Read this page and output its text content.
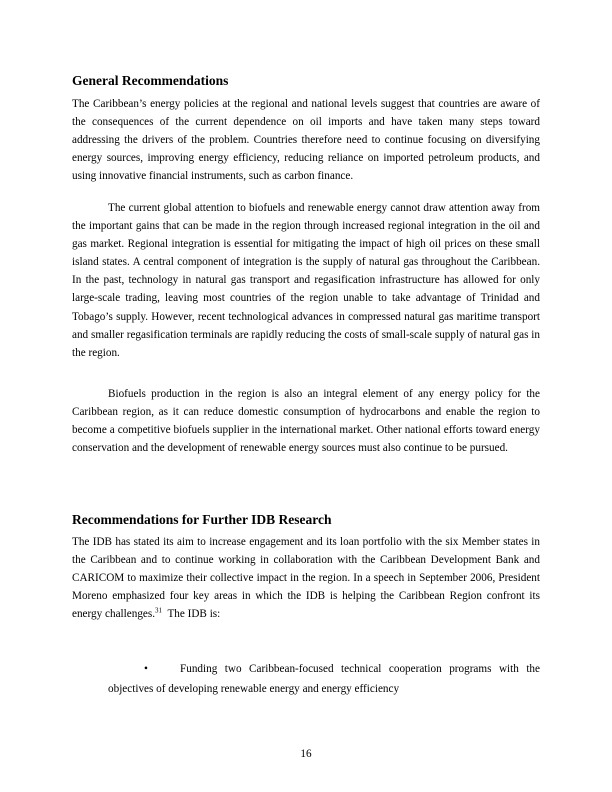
General Recommendations

The Caribbean’s energy policies at the regional and national levels suggest that countries are aware of the consequences of the current dependence on oil imports and have taken many steps toward addressing the drivers of the problem. Countries therefore need to continue focusing on diversifying energy sources, improving energy efficiency, reducing reliance on imported petroleum products, and using innovative financial instruments, such as carbon finance.

The current global attention to biofuels and renewable energy cannot draw attention away from the important gains that can be made in the region through increased regional integration in the oil and gas market. Regional integration is essential for mitigating the impact of high oil prices on these small island states. A central component of integration is the supply of natural gas throughout the Caribbean. In the past, technology in natural gas transport and regasification infrastructure has allowed for only large-scale trading, leaving most countries of the region unable to take advantage of Trinidad and Tobago’s supply. However, recent technological advances in compressed natural gas maritime transport and smaller regasification terminals are rapidly reducing the costs of small-scale supply of natural gas in the region.

Biofuels production in the region is also an integral element of any energy policy for the Caribbean region, as it can reduce domestic consumption of hydrocarbons and enable the region to become a competitive biofuels supplier in the international market. Other national efforts toward energy conservation and the development of renewable energy sources must also continue to be pursued.

Recommendations for Further IDB Research

The IDB has stated its aim to increase engagement and its loan portfolio with the six Member states in the Caribbean and to continue working in collaboration with the Caribbean Development Bank and CARICOM to maximize their collective impact in the region. In a speech in September 2006, President Moreno emphasized four key areas in which the IDB is helping the Caribbean Region confront its energy challenges.$^{31}$  The IDB is:

•	Funding two Caribbean-focused technical cooperation programs with the objectives of developing renewable energy and energy efficiency

16
